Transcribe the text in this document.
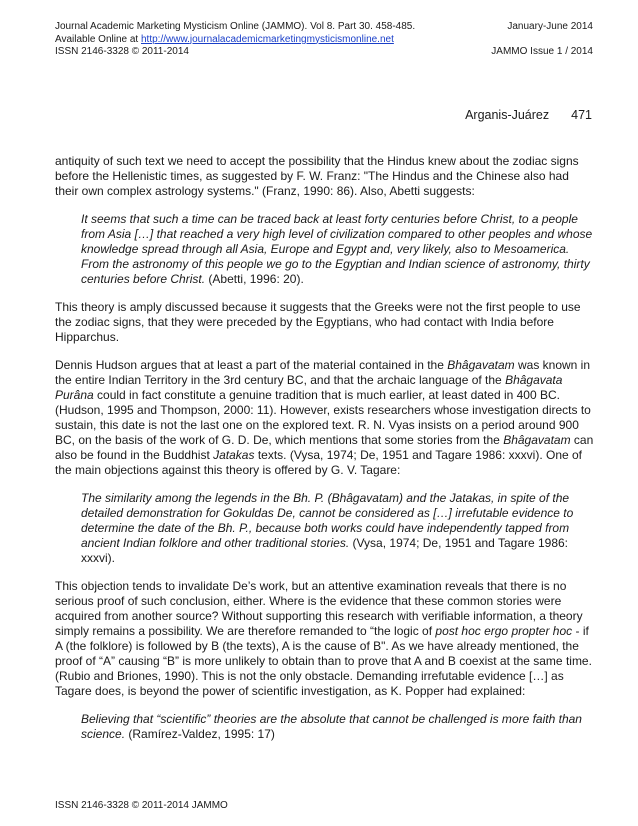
Journal Academic Marketing Mysticism Online (JAMMO). Vol 8. Part 30. 458-485.	January-June 2014
Available Online at http://www.journalacademicmarketingmysticismonline.net
ISSN 2146-3328 © 2011-2014	JAMMO Issue 1 / 2014
Arganis-Juárez 471

antiquity of such text we need to accept the possibility that the Hindus knew about the zodiac signs before the Hellenistic times, as suggested by F. W. Franz: "The Hindus and the Chinese also had their own complex astrology systems." (Franz, 1990: 86). Also, Abetti suggests:

It seems that such a time can be traced back at least forty centuries before Christ, to a people from Asia […] that reached a very high level of civilization compared to other peoples and whose knowledge spread through all Asia, Europe and Egypt and, very likely, also to Mesoamerica. From the astronomy of this people we go to the Egyptian and Indian science of astronomy, thirty centuries before Christ. (Abetti, 1996: 20).

This theory is amply discussed because it suggests that the Greeks were not the first people to use the zodiac signs, that they were preceded by the Egyptians, who had contact with India before Hipparchus.

Dennis Hudson argues that at least a part of the material contained in the Bhâgavatam was known in the entire Indian Territory in the 3rd century BC, and that the archaic language of the Bhâgavata Purâna could in fact constitute a genuine tradition that is much earlier, at least dated in 400 BC. (Hudson, 1995 and Thompson, 2000: 11). However, exists researchers whose investigation directs to sustain, this date is not the last one on the explored text. R. N. Vyas insists on a period around 900 BC, on the basis of the work of G. D. De, which mentions that some stories from the Bhâgavatam can also be found in the Buddhist Jatakas texts. (Vysa, 1974; De, 1951 and Tagare 1986: xxxvi). One of the main objections against this theory is offered by G. V. Tagare:

The similarity among the legends in the Bh. P. (Bhâgavatam) and the Jatakas, in spite of the detailed demonstration for Gokuldas De, cannot be considered as […] irrefutable evidence to determine the date of the Bh. P., because both works could have independently tapped from ancient Indian folklore and other traditional stories. (Vysa, 1974; De, 1951 and Tagare 1986: xxxvi).

This objection tends to invalidate De’s work, but an attentive examination reveals that there is no serious proof of such conclusion, either. Where is the evidence that these common stories were acquired from another source? Without supporting this research with verifiable information, a theory simply remains a possibility. We are therefore remanded to “the logic of post hoc ergo propter hoc - if A (the folklore) is followed by B (the texts), A is the cause of B". As we have already mentioned, the proof of “A” causing “B” is more unlikely to obtain than to prove that A and B coexist at the same time. (Rubio and Briones, 1990). This is not the only obstacle. Demanding irrefutable evidence […] as Tagare does, is beyond the power of scientific investigation, as K. Popper had explained:

Believing that “scientific” theories are the absolute that cannot be challenged is more faith than science. (Ramírez-Valdez, 1995: 17)

ISSN 2146-3328 © 2011-2014 JAMMO
